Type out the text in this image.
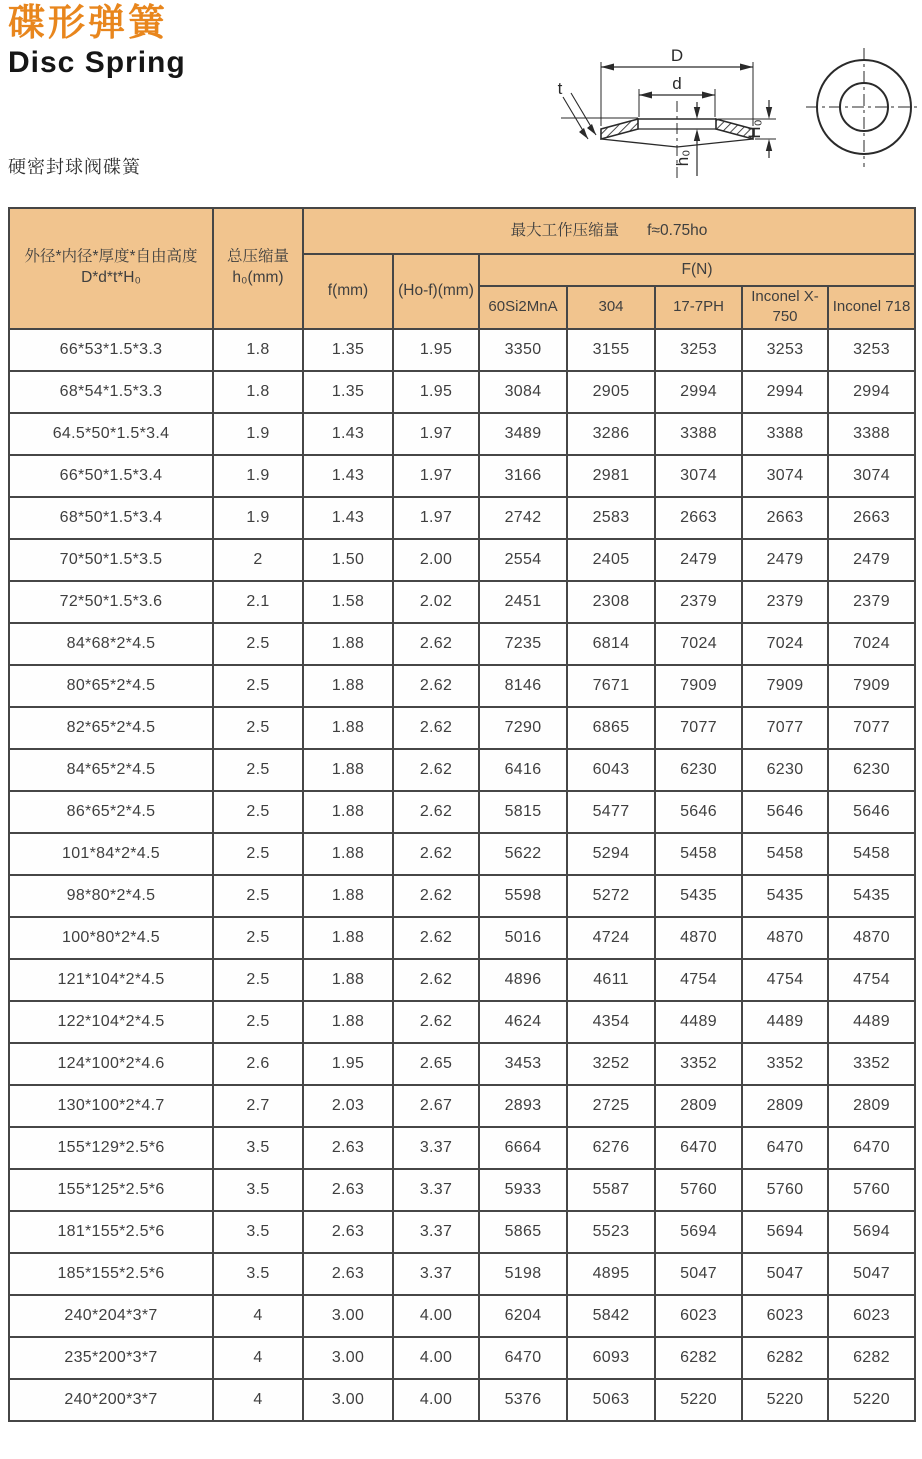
碟形弹簧
Disc Spring
硬密封球阀碟簧
D
d
t
H₀
h₀
外径*内径*厚度*自由高度
D*d*t*H₀	总压缩量
h₀(mm)	最大工作压缩量 f≈0.75ho						
		f(mm)	(Ho-f)(mm)	F(N)				
				60Si2MnA	304	17-7PH	Inconel X-750	Inconel 718
66*53*1.5*3.3	1.8	1.35	1.95	3350	3155	3253	3253	3253
68*54*1.5*3.3	1.8	1.35	1.95	3084	2905	2994	2994	2994
64.5*50*1.5*3.4	1.9	1.43	1.97	3489	3286	3388	3388	3388
66*50*1.5*3.4	1.9	1.43	1.97	3166	2981	3074	3074	3074
68*50*1.5*3.4	1.9	1.43	1.97	2742	2583	2663	2663	2663
70*50*1.5*3.5	2	1.50	2.00	2554	2405	2479	2479	2479
72*50*1.5*3.6	2.1	1.58	2.02	2451	2308	2379	2379	2379
84*68*2*4.5	2.5	1.88	2.62	7235	6814	7024	7024	7024
80*65*2*4.5	2.5	1.88	2.62	8146	7671	7909	7909	7909
82*65*2*4.5	2.5	1.88	2.62	7290	6865	7077	7077	7077
84*65*2*4.5	2.5	1.88	2.62	6416	6043	6230	6230	6230
86*65*2*4.5	2.5	1.88	2.62	5815	5477	5646	5646	5646
101*84*2*4.5	2.5	1.88	2.62	5622	5294	5458	5458	5458
98*80*2*4.5	2.5	1.88	2.62	5598	5272	5435	5435	5435
100*80*2*4.5	2.5	1.88	2.62	5016	4724	4870	4870	4870
121*104*2*4.5	2.5	1.88	2.62	4896	4611	4754	4754	4754
122*104*2*4.5	2.5	1.88	2.62	4624	4354	4489	4489	4489
124*100*2*4.6	2.6	1.95	2.65	3453	3252	3352	3352	3352
130*100*2*4.7	2.7	2.03	2.67	2893	2725	2809	2809	2809
155*129*2.5*6	3.5	2.63	3.37	6664	6276	6470	6470	6470
155*125*2.5*6	3.5	2.63	3.37	5933	5587	5760	5760	5760
181*155*2.5*6	3.5	2.63	3.37	5865	5523	5694	5694	5694
185*155*2.5*6	3.5	2.63	3.37	5198	4895	5047	5047	5047
240*204*3*7	4	3.00	4.00	6204	5842	6023	6023	6023
235*200*3*7	4	3.00	4.00	6470	6093	6282	6282	6282
240*200*3*7	4	3.00	4.00	5376	5063	5220	5220	5220
